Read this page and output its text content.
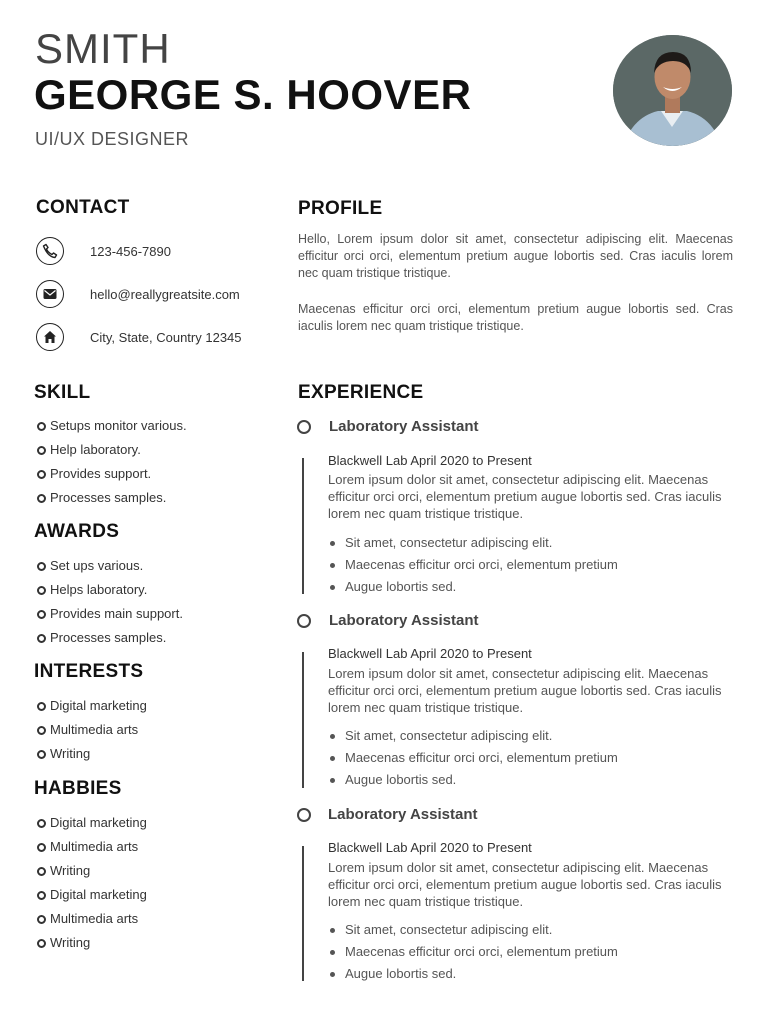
SMITH
GEORGE S. HOOVER
UI/UX DESIGNER
CONTACT
123-456-7890
hello@reallygreatsite.com
City, State, Country 12345
PROFILE
Hello, Lorem ipsum dolor sit amet, consectetur adipiscing elit. Maecenas efficitur orci orci, elementum pretium augue lobortis sed. Cras iaculis lorem nec quam tristique tristique.
Maecenas efficitur orci orci, elementum pretium augue lobortis sed. Cras iaculis lorem nec quam tristique tristique.
SKILL
Setups monitor various.
Help laboratory.
Provides support.
Processes samples.
AWARDS
Set ups various.
Helps laboratory.
Provides main support.
Processes samples.
INTERESTS
Digital marketing
Multimedia arts
Writing
HABBIES
Digital marketing
Multimedia arts
Writing
Digital marketing
Multimedia arts
Writing
EXPERIENCE
Laboratory Assistant
Blackwell Lab April 2020 to Present
Lorem ipsum dolor sit amet, consectetur adipiscing elit. Maecenas efficitur orci orci, elementum pretium augue lobortis sed. Cras iaculis lorem nec quam tristique tristique.
Sit amet, consectetur adipiscing elit.
Maecenas efficitur orci orci, elementum pretium
Augue lobortis sed.
Laboratory Assistant
Blackwell Lab April 2020 to Present
Lorem ipsum dolor sit amet, consectetur adipiscing elit. Maecenas efficitur orci orci, elementum pretium augue lobortis sed. Cras iaculis lorem nec quam tristique tristique.
Sit amet, consectetur adipiscing elit.
Maecenas efficitur orci orci, elementum pretium
Augue lobortis sed.
Laboratory Assistant
Blackwell Lab April 2020 to Present
Lorem ipsum dolor sit amet, consectetur adipiscing elit. Maecenas efficitur orci orci, elementum pretium augue lobortis sed. Cras iaculis lorem nec quam tristique tristique.
Sit amet, consectetur adipiscing elit.
Maecenas efficitur orci orci, elementum pretium
Augue lobortis sed.
